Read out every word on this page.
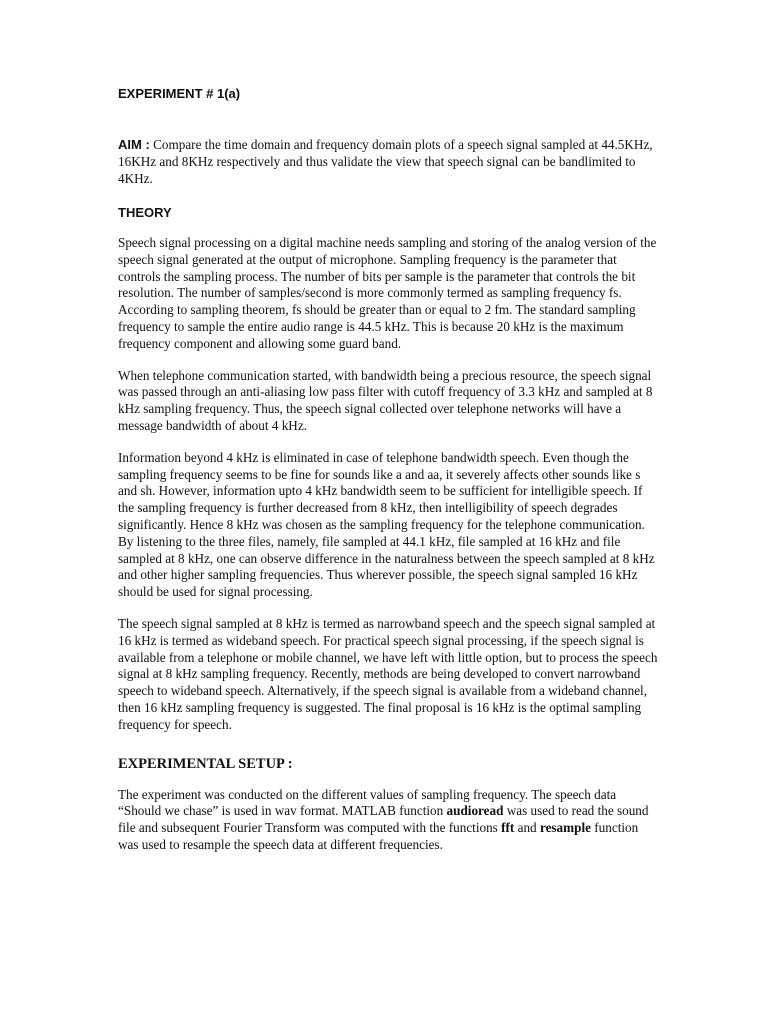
EXPERIMENT # 1(a)

AIM : Compare the time domain and frequency domain plots of a speech signal sampled at 44.5KHz, 16KHz and 8KHz respectively and thus validate the view that speech signal can be bandlimited to 4KHz.

THEORY

Speech signal processing on a digital machine needs sampling and storing of the analog version of the speech signal generated at the output of microphone. Sampling frequency is the parameter that controls the sampling process. The number of bits per sample is the parameter that controls the bit resolution. The number of samples/second is more commonly termed as sampling frequency fs. According to sampling theorem, fs should be greater than or equal to 2 fm. The standard sampling frequency to sample the entire audio range is 44.5 kHz. This is because 20 kHz is the maximum frequency component and allowing some guard band.

When telephone communication started, with bandwidth being a precious resource, the speech signal was passed through an anti-aliasing low pass filter with cutoff frequency of 3.3 kHz and sampled at 8 kHz sampling frequency. Thus, the speech signal collected over telephone networks will have a message bandwidth of about 4 kHz.

Information beyond 4 kHz is eliminated in case of telephone bandwidth speech. Even though the sampling frequency seems to be fine for sounds like a and aa, it severely affects other sounds like s and sh. However, information upto 4 kHz bandwidth seem to be sufficient for intelligible speech. If the sampling frequency is further decreased from 8 kHz, then intelligibility of speech degrades significantly. Hence 8 kHz was chosen as the sampling frequency for the telephone communication. By listening to the three files, namely, file sampled at 44.1 kHz, file sampled at 16 kHz and file sampled at 8 kHz, one can observe difference in the naturalness between the speech sampled at 8 kHz and other higher sampling frequencies. Thus wherever possible, the speech signal sampled 16 kHz should be used for signal processing.

The speech signal sampled at 8 kHz is termed as narrowband speech and the speech signal sampled at 16 kHz is termed as wideband speech. For practical speech signal processing, if the speech signal is available from a telephone or mobile channel, we have left with little option, but to process the speech signal at 8 kHz sampling frequency. Recently, methods are being developed to convert narrowband speech to wideband speech. Alternatively, if the speech signal is available from a wideband channel, then 16 kHz sampling frequency is suggested. The final proposal is 16 kHz is the optimal sampling frequency for speech.

EXPERIMENTAL SETUP :

The experiment was conducted on the different values of sampling frequency. The speech data “Should we chase” is used in wav format. MATLAB function audioread was used to read the sound file and subsequent Fourier Transform was computed with the functions fft and resample function was used to resample the speech data at different frequencies.
